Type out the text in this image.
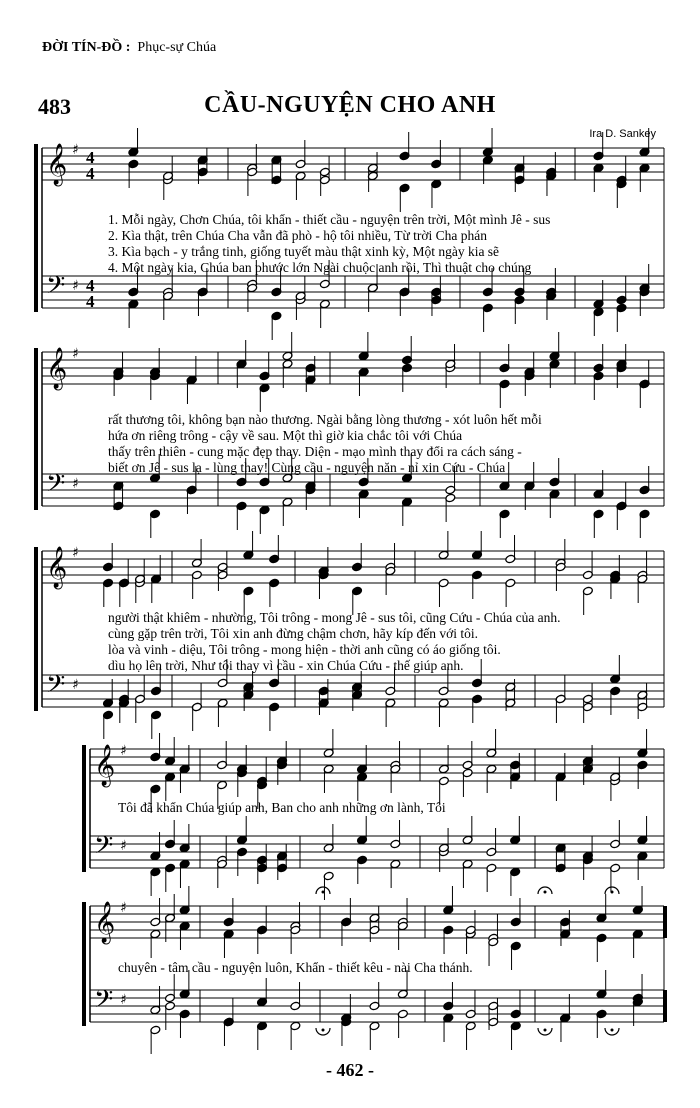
ĐỜI TÍN-ĐỒ : Phục-sự Chúa
483	CẦU-NGUYỆN CHO ANH
Ira D. Sankey
𝄞
𝄢
♯
♯
4
4
4
4
𝄞
𝄢
♯
♯
𝄞
𝄢
♯
♯
𝄞
𝄢
♯
♯
𝄞
𝄢
♯
♯
1. Mỗi ngày, Chơn Chúa, tôi khẩn - thiết cầu - nguyện trên trời, Một mình Jê - sus
2. Kìa thật, trên Chúa Cha vẫn đã phò - hộ tôi nhiều, Từ trời Cha phán
3. Kìa bạch - y trắng tinh, giống tuyết màu thật xinh kỳ, Một ngày kia sẽ
4. Một ngày kia, Chúa ban phước lớn Ngài chuộc anh rồi, Thì thuật cho chúng
rất thương tôi, không bạn nào thương. Ngài bằng lòng thương - xót luôn hết mỗi
hứa ơn riêng trông - cậy về sau. Một thì giờ kia chắc tôi với Chúa
thấy trên thiên - cung mặc đẹp thay. Diện - mạo mình thay đổi ra cách sáng -
biết ơn Jê - sus lạ - lùng thay! Cùng cầu - nguyện năn - nỉ xin Cứu - Chúa
người thật khiêm - nhường, Tôi trông - mong Jê - sus tôi, cũng Cứu - Chúa của anh.
cùng gặp trên trời, Tôi xin anh đừng chậm chơn, hãy kíp đến với tôi.
lòa và vinh - diệu, Tôi trông - mong hiện - thời anh cũng có áo giống tôi.
dìu họ lên trời, Như tôi thay vì cầu - xin Chúa Cứu - thế giúp anh.
Tôi đã khẩn Chúa giúp anh, Ban cho anh những ơn lành, Tôi
chuyên - tâm cầu - nguyện luôn, Khẩn - thiết kêu - nài Cha thánh.
- 462 -
